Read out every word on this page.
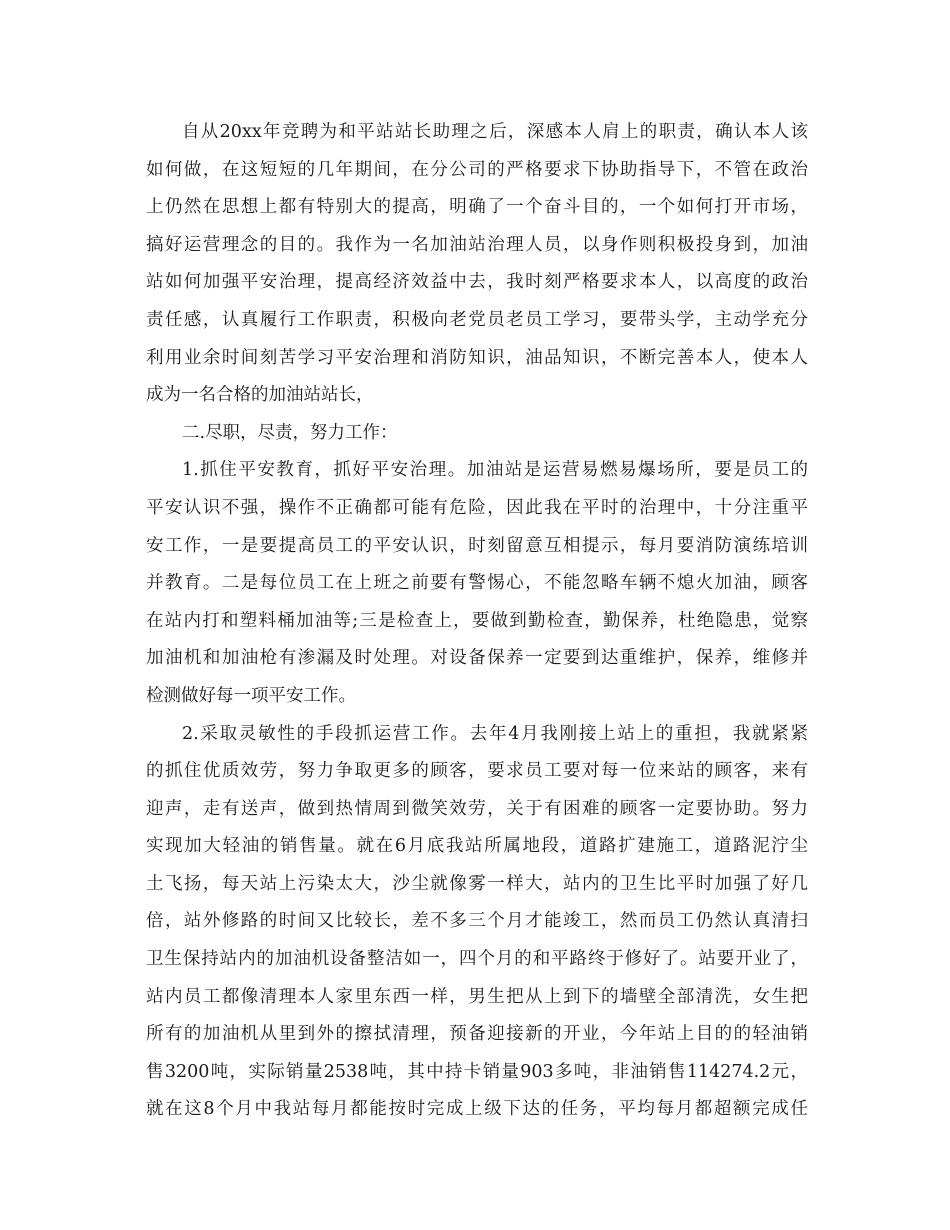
自从20xx年竞聘为和平站站长助理之后，深感本人肩上的职责，确认本人该
如何做，在这短短的几年期间，在分公司的严格要求下协助指导下，不管在政治
上仍然在思想上都有特别大的提高，明确了一个奋斗目的，一个如何打开市场，
搞好运营理念的目的。我作为一名加油站治理人员，以身作则积极投身到，加油
站如何加强平安治理，提高经济效益中去，我时刻严格要求本人，以高度的政治
责任感，认真履行工作职责，积极向老党员老员工学习，要带头学，主动学充分
利用业余时间刻苦学习平安治理和消防知识，油品知识，不断完善本人，使本人
成为一名合格的加油站站长，
二.尽职，尽责，努力工作：
1.抓住平安教育，抓好平安治理。加油站是运营易燃易爆场所，要是员工的
平安认识不强，操作不正确都可能有危险，因此我在平时的治理中，十分注重平
安工作，一是要提高员工的平安认识，时刻留意互相提示，每月要消防演练培训
并教育。二是每位员工在上班之前要有警惕心，不能忽略车辆不熄火加油，顾客
在站内打和塑料桶加油等;三是检查上，要做到勤检查，勤保养，杜绝隐患，觉察
加油机和加油枪有渗漏及时处理。对设备保养一定要到达重维护，保养，维修并
检测做好每一项平安工作。
2.采取灵敏性的手段抓运营工作。去年4月我刚接上站上的重担，我就紧紧
的抓住优质效劳，努力争取更多的顾客，要求员工要对每一位来站的顾客，来有
迎声，走有送声，做到热情周到微笑效劳，关于有困难的顾客一定要协助。努力
实现加大轻油的销售量。就在6月底我站所属地段，道路扩建施工，道路泥泞尘
土飞扬，每天站上污染太大，沙尘就像雾一样大，站内的卫生比平时加强了好几
倍，站外修路的时间又比较长，差不多三个月才能竣工，然而员工仍然认真清扫
卫生保持站内的加油机设备整洁如一，四个月的和平路终于修好了。站要开业了，
站内员工都像清理本人家里东西一样，男生把从上到下的墙壁全部清洗，女生把
所有的加油机从里到外的擦拭清理，预备迎接新的开业，今年站上目的的轻油销
售3200吨，实际销量2538吨，其中持卡销量903多吨，非油销售114274.2元，
就在这8个月中我站每月都能按时完成上级下达的任务，平均每月都超额完成任
